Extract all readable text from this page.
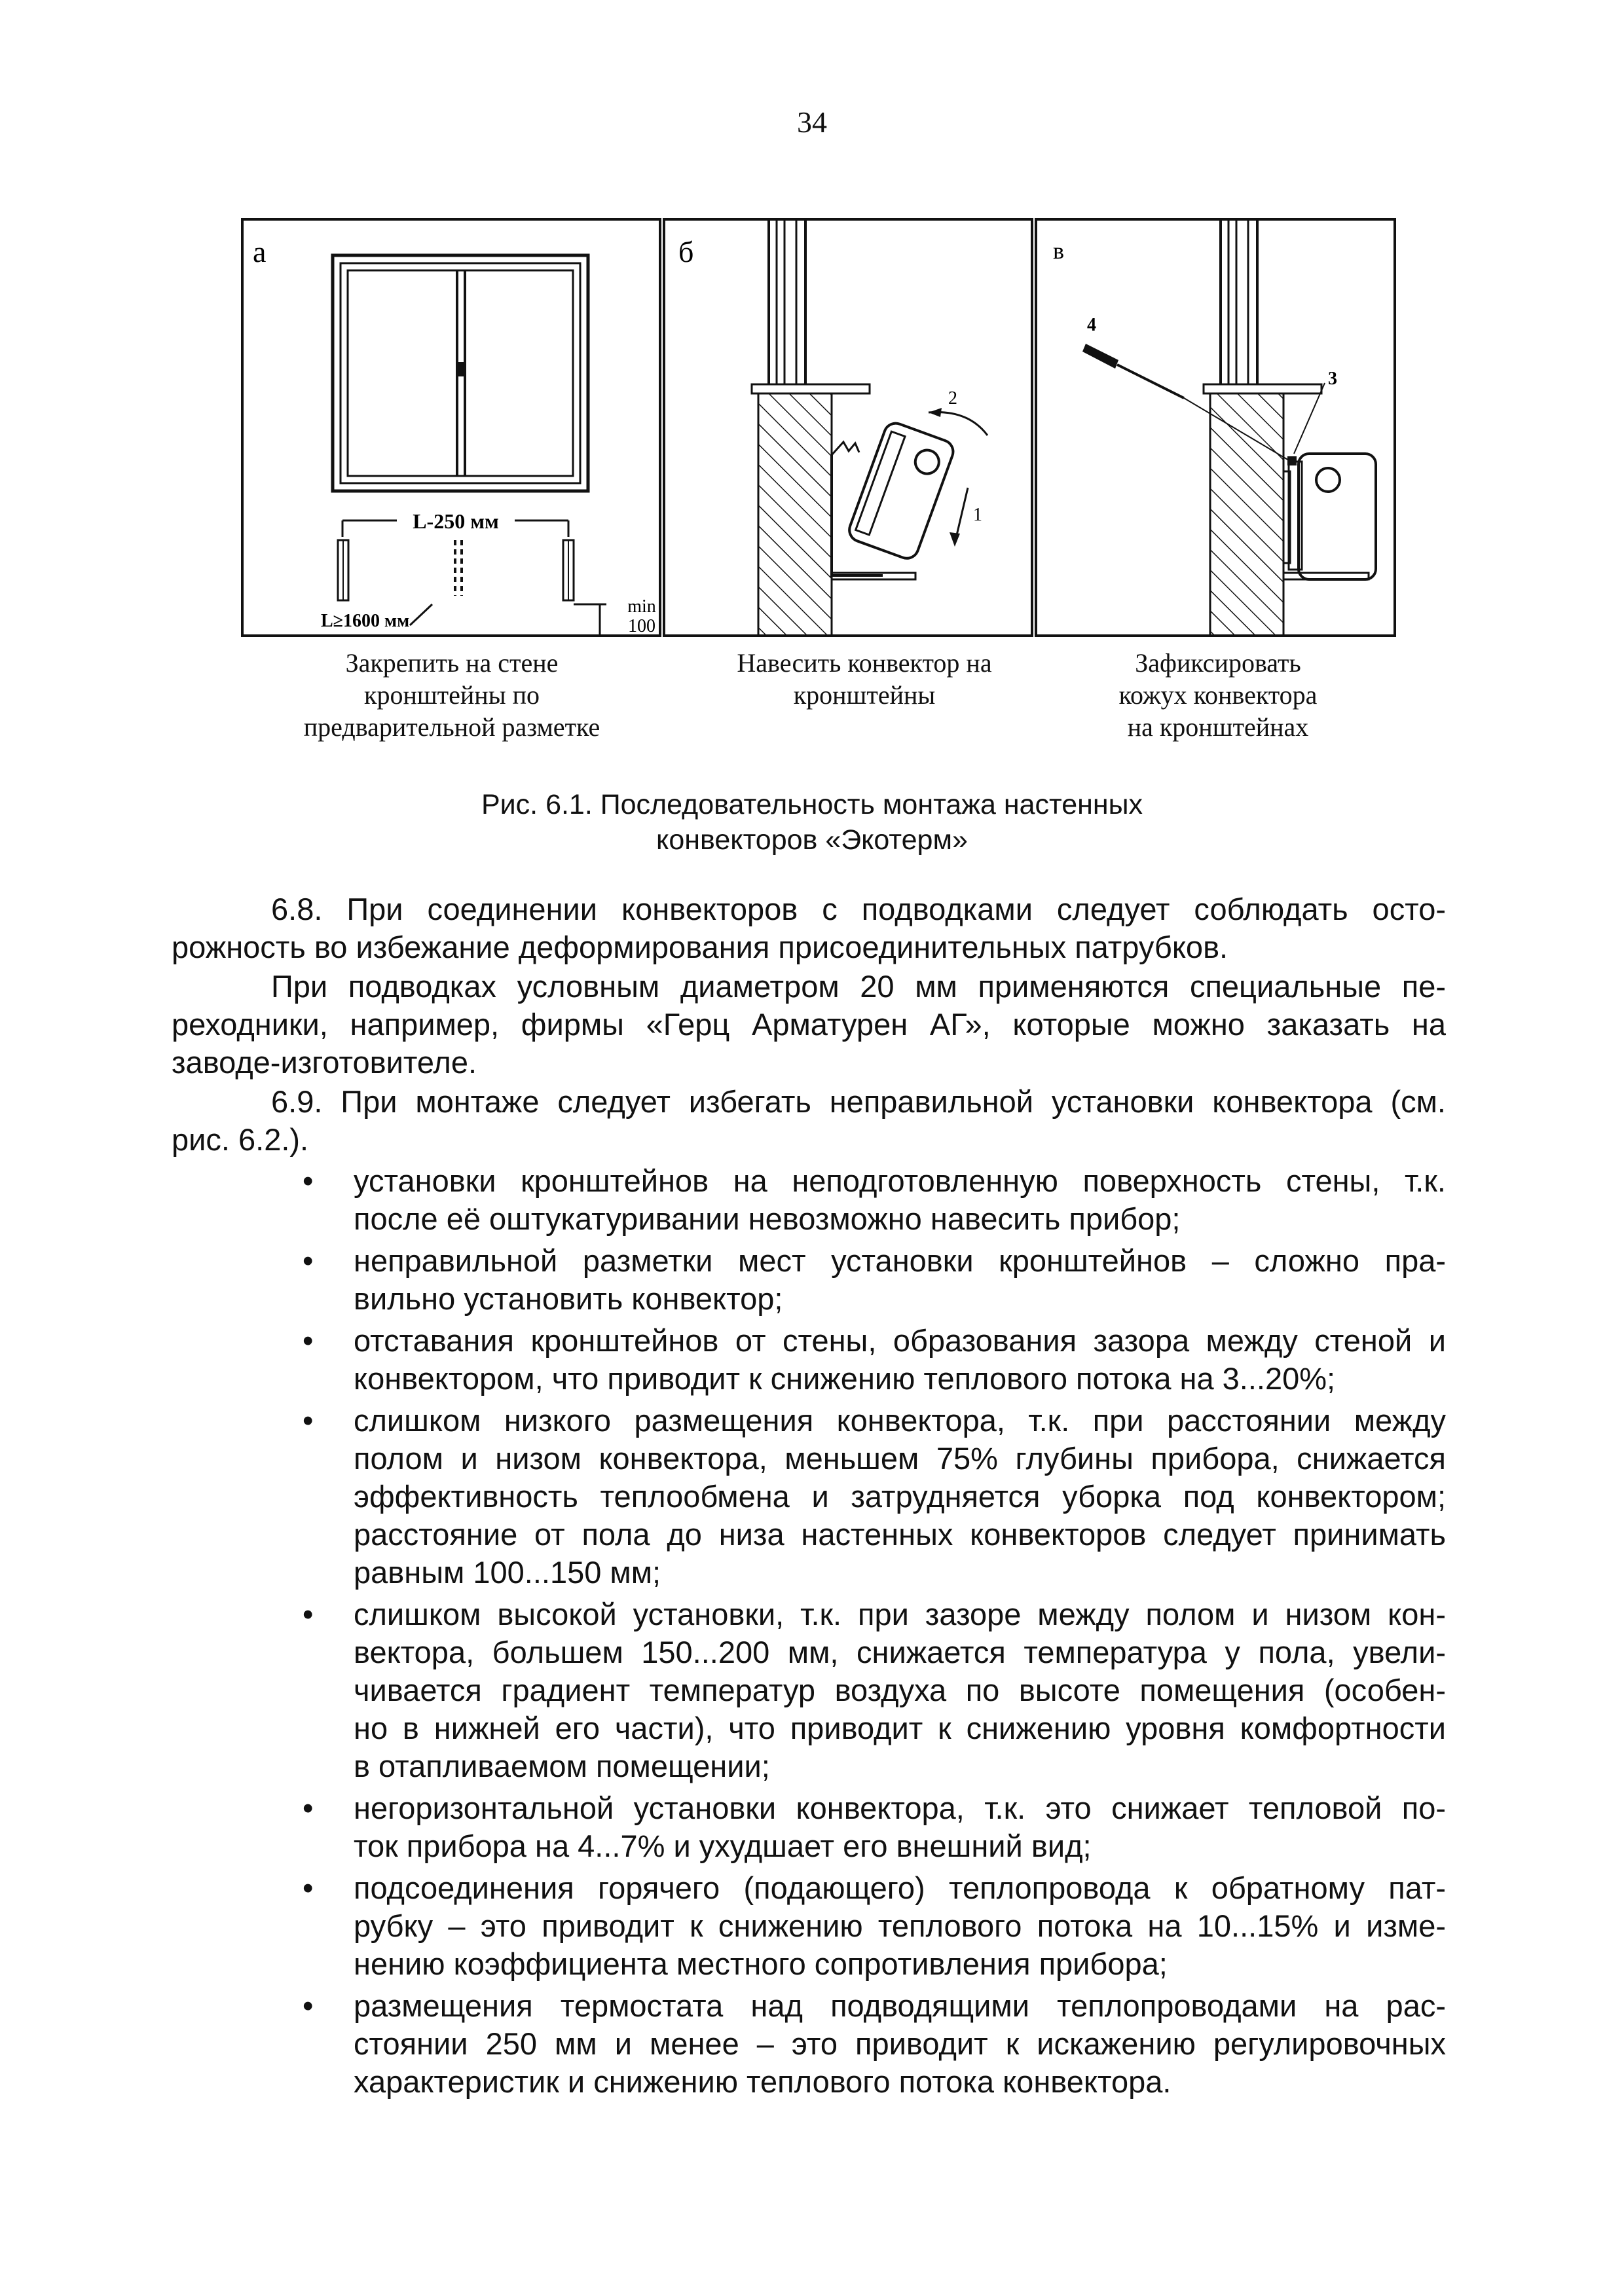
34
а
L-250 мм
L≥1600 мм
min
100
б
2
1
в
4
3
Закрепить на стене
кронштейны по
предварительной разметке
Навесить конвектор на
кронштейны
Зафиксировать
кожух конвектора
на кронштейнах
Рис. 6.1. Последовательность монтажа настенных
конвекторов «Экотерм»
6.8. При соединении конвекторов с подводками следует соблюдать осто-
рожность во избежание деформирования присоединительных патрубков.
При подводках условным диаметром 20 мм применяются специальные пе-
реходники, например, фирмы «Герц Арматурен АГ», которые можно заказать на
заводе-изготовителе.
6.9. При монтаже следует избегать неправильной установки конвектора (см.
рис. 6.2.).
• установки кронштейнов на неподготовленную поверхность стены, т.к.
после её оштукатуривании невозможно навесить прибор;
• неправильной разметки мест установки кронштейнов – сложно пра-
вильно установить конвектор;
• отставания кронштейнов от стены, образования зазора между стеной и
конвектором, что приводит к снижению теплового потока на 3...20%;
• слишком низкого размещения конвектора, т.к. при расстоянии между
полом и низом конвектора, меньшем 75% глубины прибора, снижается
эффективность теплообмена и затрудняется уборка под конвектором;
расстояние от пола до низа настенных конвекторов следует принимать
равным 100...150 мм;
• слишком высокой установки, т.к. при зазоре между полом и низом кон-
вектора, большем 150...200 мм, снижается температура у пола, увели-
чивается градиент температур воздуха по высоте помещения (особен-
но в нижней его части), что приводит к снижению уровня комфортности
в отапливаемом помещении;
• негоризонтальной установки конвектора, т.к. это снижает тепловой по-
ток прибора на 4...7% и ухудшает его внешний вид;
• подсоединения горячего (подающего) теплопровода к обратному пат-
рубку – это приводит к снижению теплового потока на 10...15% и изме-
нению коэффициента местного сопротивления прибора;
• размещения термостата над подводящими теплопроводами на рас-
стоянии 250 мм и менее – это приводит к искажению регулировочных
характеристик и снижению теплового потока конвектора.
